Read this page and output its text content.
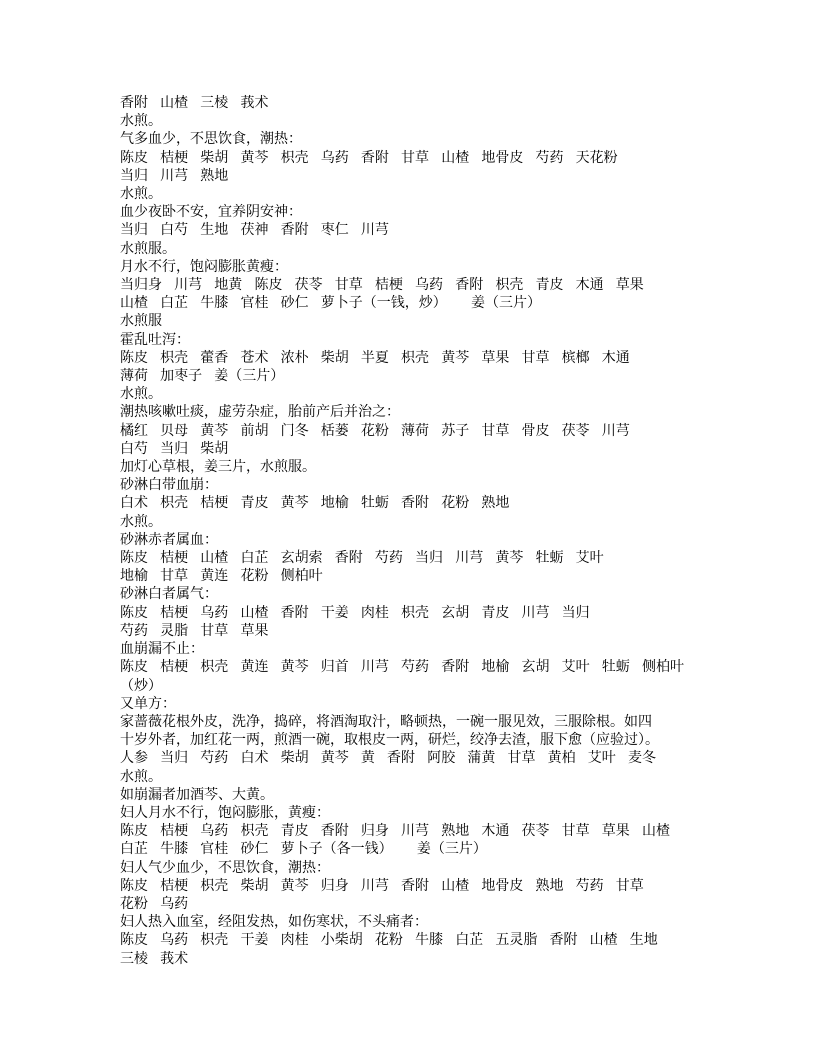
香附 山楂 三棱 莪术
水煎。
气多血少，不思饮食，潮热：
陈皮 桔梗 柴胡 黄芩 枳壳 乌药 香附 甘草 山楂 地骨皮 芍药 天花粉
当归 川芎 熟地
水煎。
血少夜卧不安，宜养阴安神：
当归 白芍 生地 茯神 香附 枣仁 川芎
水煎服。
月水不行，饱闷膨胀黄瘦：
当归身 川芎 地黄 陈皮 茯苓 甘草 桔梗 乌药 香附 枳壳 青皮 木通 草果
山楂 白芷 牛膝 官桂 砂仁 萝卜子（一钱，炒）  姜（三片）
水煎服
霍乱吐泻：
陈皮 枳壳 藿香 苍术 浓朴 柴胡 半夏 枳壳 黄芩 草果 甘草 槟榔 木通
薄荷 加枣子 姜（三片）
水煎。
潮热咳嗽吐痰，虚劳杂症，胎前产后并治之：
橘红 贝母 黄芩 前胡 门冬 栝蒌 花粉 薄荷 苏子 甘草 骨皮 茯苓 川芎
白芍 当归 柴胡
加灯心草根，姜三片，水煎服。
砂淋白带血崩：
白术 枳壳 桔梗 青皮 黄芩 地榆 牡蛎 香附 花粉 熟地
水煎。
砂淋赤者属血：
陈皮 桔梗 山楂 白芷 玄胡索 香附 芍药 当归 川芎 黄芩 牡蛎 艾叶
地榆 甘草 黄连 花粉 侧柏叶
砂淋白者属气：
陈皮 桔梗 乌药 山楂 香附 干姜 肉桂 枳壳 玄胡 青皮 川芎 当归
芍药 灵脂 甘草 草果
血崩漏不止：
陈皮 桔梗 枳壳 黄连 黄芩 归首 川芎 芍药 香附 地榆 玄胡 艾叶 牡蛎 侧柏叶（炒）
又单方：
家蔷薇花根外皮，洗净，捣碎，将酒淘取汁，略顿热，一碗一服见效，三服除根。如四
十岁外者，加红花一两，煎酒一碗，取根皮一两，研烂，绞净去渣，服下愈（应验过）。
人参 当归 芍药 白术 柴胡 黄芩 黄 香附 阿胶 蒲黄 甘草 黄柏 艾叶 麦冬
水煎。
如崩漏者加酒芩、大黄。
妇人月水不行，饱闷膨胀，黄瘦：
陈皮 桔梗 乌药 枳壳 青皮 香附 归身 川芎 熟地 木通 茯苓 甘草 草果 山楂
白芷 牛膝 官桂 砂仁 萝卜子（各一钱）  姜（三片）
妇人气少血少，不思饮食，潮热：
陈皮 桔梗 枳壳 柴胡 黄芩 归身 川芎 香附 山楂 地骨皮 熟地 芍药 甘草
花粉 乌药
妇人热入血室，经阻发热，如伤寒状，不头痛者：
陈皮 乌药 枳壳 干姜 肉桂 小柴胡 花粉 牛膝 白芷 五灵脂 香附 山楂 生地
三棱 莪术
